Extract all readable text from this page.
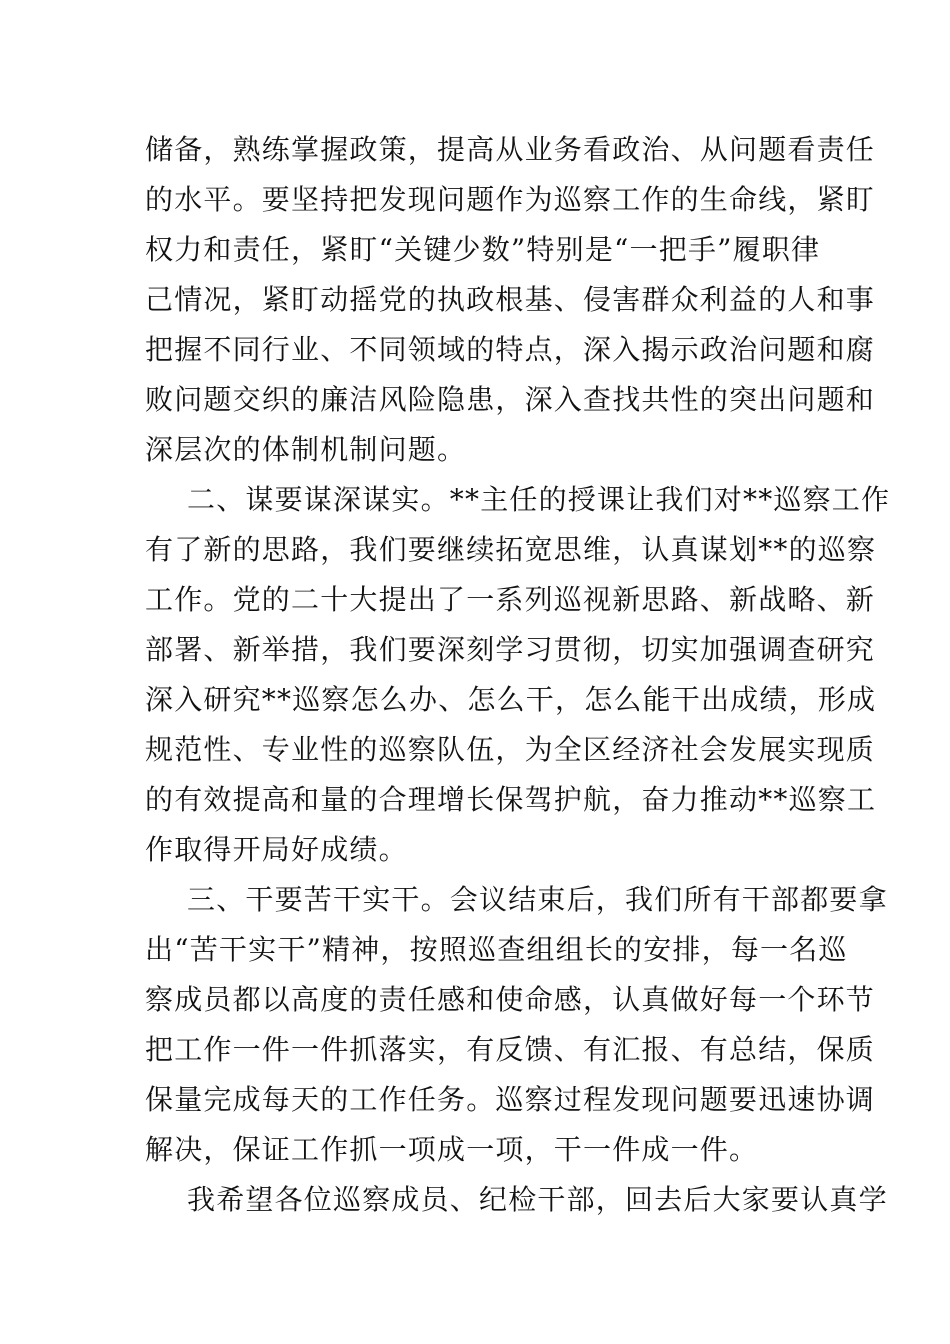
储备，熟练掌握政策，提高从业务看政治、从问题看责任
的水平。要坚持把发现问题作为巡察工作的生命线，紧盯
权力和责任，紧盯“关键少数”特别是“一把手”履职律
己情况，紧盯动摇党的执政根基、侵害群众利益的人和事
把握不同行业、不同领域的特点，深入揭示政治问题和腐
败问题交织的廉洁风险隐患，深入查找共性的突出问题和
深层次的体制机制问题。
二、谋要谋深谋实。**主任的授课让我们对**巡察工作
有了新的思路，我们要继续拓宽思维，认真谋划**的巡察
工作。党的二十大提出了一系列巡视新思路、新战略、新
部署、新举措，我们要深刻学习贯彻，切实加强调查研究
深入研究**巡察怎么办、怎么干，怎么能干出成绩，形成
规范性、专业性的巡察队伍，为全区经济社会发展实现质
的有效提高和量的合理增长保驾护航，奋力推动**巡察工
作取得开局好成绩。
三、干要苦干实干。会议结束后，我们所有干部都要拿
出“苦干实干”精神，按照巡查组组长的安排，每一名巡
察成员都以高度的责任感和使命感，认真做好每一个环节
把工作一件一件抓落实，有反馈、有汇报、有总结，保质
保量完成每天的工作任务。巡察过程发现问题要迅速协调
解决，保证工作抓一项成一项，干一件成一件。
我希望各位巡察成员、纪检干部，回去后大家要认真学
